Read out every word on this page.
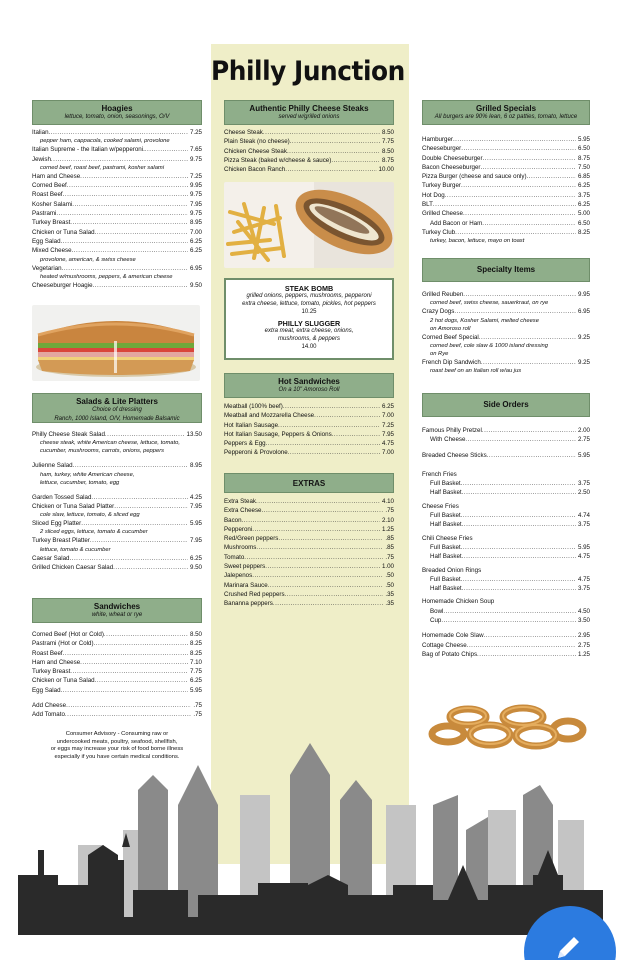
Philly Junction
Hoagies
lettuce, tomato, onion, seasonings, O/V
Italian .....	7.25
pepper ham, cappacola, cooked salami, provolone
Italian Supreme - the Italian w/pepperoni. .....	7.65
Jewish .....	9.75
corned beef, roast beef, pastrami, kosher salami
Ham and Cheese .....	7.25
Corned Beef .....	9.95
Roast Beef .....	9.75
Kosher Salami .....	7.95
Pastrami .....	9.75
Turkey Breast .....	8.95
Chicken or Tuna Salad .....	7.00
Egg Salad .....	6.25
Mixed Cheese .....	6.25
provolone, american, & swiss cheese
Vegetarian .....	6.95
heated w/mushrooms, peppers, & american cheese
Cheeseburger Hoagie .....	9.50
Salads & Lite Platters
Choice of dressing
Ranch, 1000 Island, O/V, Homemade Balsamic
Philly Cheese Steak Salad .....	13.50
cheese steak, white American cheese, lettuce, tomato,
cucumber, mushrooms, carrots, onions, peppers
Julienne Salad .....	8.95
ham, turkey, white American cheese,
lettuce, cucumber, tomato, egg
Garden Tossed Salad .....	4.25
Chicken or Tuna Salad Platter .....	7.95
cole slaw, lettuce, tomato, & sliced egg
Sliced Egg Platter .....	5.95
2 sliced eggs, lettuce, tomato & cucumber
Turkey Breast Platter .....	7.95
lettuce, tomato & cucumber
Caesar Salad .....	6.25
Grilled Chicken Caesar Salad .....	9.50
Sandwiches
white, wheat or rye
Corned Beef (Hot or Cold) .....	8.50
Pastrami (Hot or Cold) .....	8.25
Roast Beef .....	8.25
Ham and Cheese .....	7.10
Turkey Breast .....	7.75
Chicken or Tuna Salad .....	6.25
Egg Salad .....	5.95
Add Cheese .....	.75
Add Tomato .....	.75
Consumer Advisory - Consuming raw or
undercooked meats, poultry, seafood, shellfish,
or eggs may increase your risk of food borne illness
especially if you have certain medical conditions.
Authentic Philly Cheese Steaks
served w/grilled onions
Cheese Steak .....	8.50
Plain Steak (no cheese) .....	7.75
Chicken Cheese Steak .....	8.50
Pizza Steak (baked w/cheese & sauce) .....	8.75
Chicken Bacon Ranch .....	10.00
STEAK BOMB
grilled onions, peppers, mushrooms, pepperoni
extra cheese, lettuce, tomato, pickles, hot peppers
10.25
PHILLY SLUGGER
extra meat, extra cheese, onions,
mushrooms, & peppers
14.00
Hot Sandwiches
On a 10" Amoroso Roll
Meatball (100% beef) .....	6.25
Meatball and Mozzarella Cheese .....	7.00
Hot Italian Sausage .....	7.25
Hot Italian Sausage, Peppers & Onions .....	7.95
Peppers & Egg .....	4.75
Pepperoni & Provolone .....	7.00
EXTRAS
Extra Steak .....	4.10
Extra Cheese .....	.75
Bacon .....	2.10
Pepperoni .....	1.25
Red/Green peppers .....	.85
Mushrooms .....	.85
Tomato .....	.75
Sweet peppers .....	1.00
Jalepenos .....	.50
Marinara Sauce .....	.50
Crushed Red peppers .....	.35
Bananna peppers .....	.35
Grilled Specials
All burgers are 90% lean, 6 oz patties, tomato, lettuce
Hamburger .....	5.95
Cheeseburger .....	6.50
Double Cheeseburger .....	8.75
Bacon Cheeseburger .....	7.50
Pizza Burger (cheese and sauce only) .....	6.85
Turkey Burger .....	6.25
Hot Dog .....	3.75
BLT .....	6.25
Grilled Cheese .....	5.00
Add Bacon or Ham .....	6.50
Turkey Club .....	8.25
turkey, bacon, lettuce, mayo on toast
Specialty Items
Grilled Reuben .....	9.95
corned beef, swiss cheese, sauerkraut, on rye
Crazy Dogs .....	6.95
2 hot dogs, Kosher Salami, melted cheese
on Amoroso roll
Corned Beef Special .....	9.25
corned beef, cole slaw & 1000 island dressing
on Rye
French Dip Sandwich .....	9.25
roast beef on an Italian roll w/au jus
Side Orders
Famous Philly Pretzel .....	2.00
With Cheese .....	2.75
Breaded Cheese Sticks .....	5.95
French Fries
Full Basket .....	3.75
Half Basket .....	2.50
Cheese Fries
Full Basket .....	4.74
Half Basket .....	3.75
Chili Cheese Fries
Full Basket .....	5.95
Half Basket .....	4.75
Breaded Onion Rings
Full Basket .....	4.75
Half Basket .....	3.75
Homemade Chicken Soup
Bowl .....	4.50
Cup .....	3.50
Homemade Cole Slaw .....	2.95
Cottage Cheese .....	2.75
Bag of Potato Chips .....	1.25
